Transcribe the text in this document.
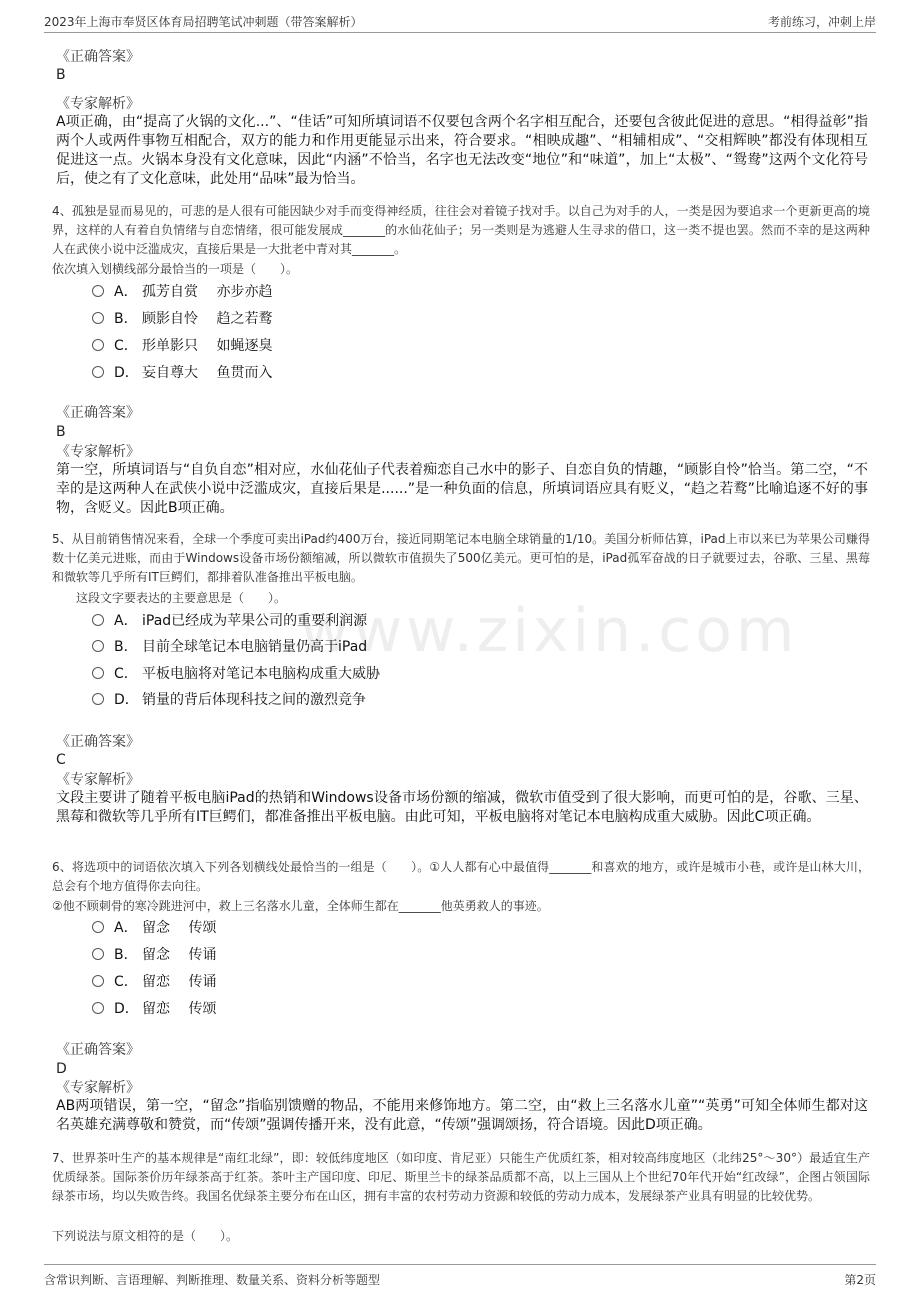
2023年上海市奉贤区体育局招聘笔试冲刺题（带答案解析）	考前练习，冲刺上岸
www.zixin.com
《正确答案》
B
《专家解析》
A项正确，由“提高了火锅的文化...”、“佳话”可知所填词语不仅要包含两个名字相互配合，还要包含彼此促进的意思。“相得益彰”指两个人或两件事物互相配合，双方的能力和作用更能显示出来，符合要求。“相映成趣”、“相辅相成”、“交相辉映”都没有体现相互促进这一点。火锅本身没有文化意味，因此“内涵”不恰当，名字也无法改变“地位”和“味道”，加上“太极”、“鸳鸯”这两个文化符号后，使之有了文化意味，此处用“品味”最为恰当。
4、孤独是显而易见的，可悲的是人很有可能因缺少对手而变得神经质，往往会对着镜子找对手。以自己为对手的人，一类是因为要追求一个更新更高的境界，这样的人有着自负情绪与自恋情绪，很可能发展成_______的水仙花仙子；另一类则是为逃避人生寻求的借口，这一类不提也罢。然而不幸的是这两种人在武侠小说中泛滥成灾，直接后果是一大批老中青对其_______。
依次填入划横线部分最恰当的一项是（　　）。
A． 孤芳自赏　 亦步亦趋
B． 顾影自怜　 趋之若鹜
C． 形单影只　 如蝇逐臭
D． 妄自尊大　 鱼贯而入
《正确答案》
B
《专家解析》
第一空，所填词语与“自负自恋”相对应，水仙花仙子代表着痴恋自己水中的影子、自恋自负的情趣，“顾影自怜”恰当。第二空，“不幸的是这两种人在武侠小说中泛滥成灾，直接后果是......”是一种负面的信息，所填词语应具有贬义，“趋之若鹜”比喻追逐不好的事物，含贬义。因此B项正确。
5、从目前销售情况来看，全球一个季度可卖出iPad约400万台，接近同期笔记本电脑全球销量的1/10。美国分析师估算，iPad上市以来已为苹果公司赚得数十亿美元进账，而由于Windows设备市场份额缩减，所以微软市值损失了500亿美元。更可怕的是，iPad孤军奋战的日子就要过去，谷歌、三星、黑莓和微软等几乎所有IT巨鳄们，都排着队准备推出平板电脑。
这段文字要表达的主要意思是（　　）。
A． iPad已经成为苹果公司的重要利润源
B． 目前全球笔记本电脑销量仍高于iPad
C． 平板电脑将对笔记本电脑构成重大威胁
D． 销量的背后体现科技之间的激烈竞争
《正确答案》
C
《专家解析》
文段主要讲了随着平板电脑iPad的热销和Windows设备市场份额的缩减，微软市值受到了很大影响，而更可怕的是，谷歌、三星、黑莓和微软等几乎所有IT巨鳄们，都准备推出平板电脑。由此可知，平板电脑将对笔记本电脑构成重大威胁。因此C项正确。
6、将选项中的词语依次填入下列各划横线处最恰当的一组是（　　）。①人人都有心中最值得_______和喜欢的地方，或许是城市小巷，或许是山林大川，总会有个地方值得你去向往。
②他不顾刺骨的寒冷跳进河中，救上三名落水儿童，全体师生都在_______他英勇救人的事迹。
A． 留念　 传颂
B． 留念　 传诵
C． 留恋　 传诵
D． 留恋　 传颂
《正确答案》
D
《专家解析》
AB两项错误，第一空，“留念”指临别馈赠的物品，不能用来修饰地方。第二空，由“救上三名落水儿童”“英勇”可知全体师生都对这名英雄充满尊敬和赞赏，而“传颂”强调传播开来，没有此意，“传颂”强调颂扬，符合语境。因此D项正确。
7、世界茶叶生产的基本规律是“南红北绿”，即：较低纬度地区（如印度、肯尼亚）只能生产优质红茶，相对较高纬度地区（北纬25°～30°）最适宜生产优质绿茶。国际茶价历年绿茶高于红茶。茶叶主产国印度、印尼、斯里兰卡的绿茶品质都不高，以上三国从上个世纪70年代开始“红改绿”，企图占领国际绿茶市场，均以失败告终。我国名优绿茶主要分布在山区，拥有丰富的农村劳动力资源和较低的劳动力成本，发展绿茶产业具有明显的比较优势。
下列说法与原文相符的是（　　）。
含常识判断、言语理解、判断推理、数量关系、资料分析等题型	第2页
